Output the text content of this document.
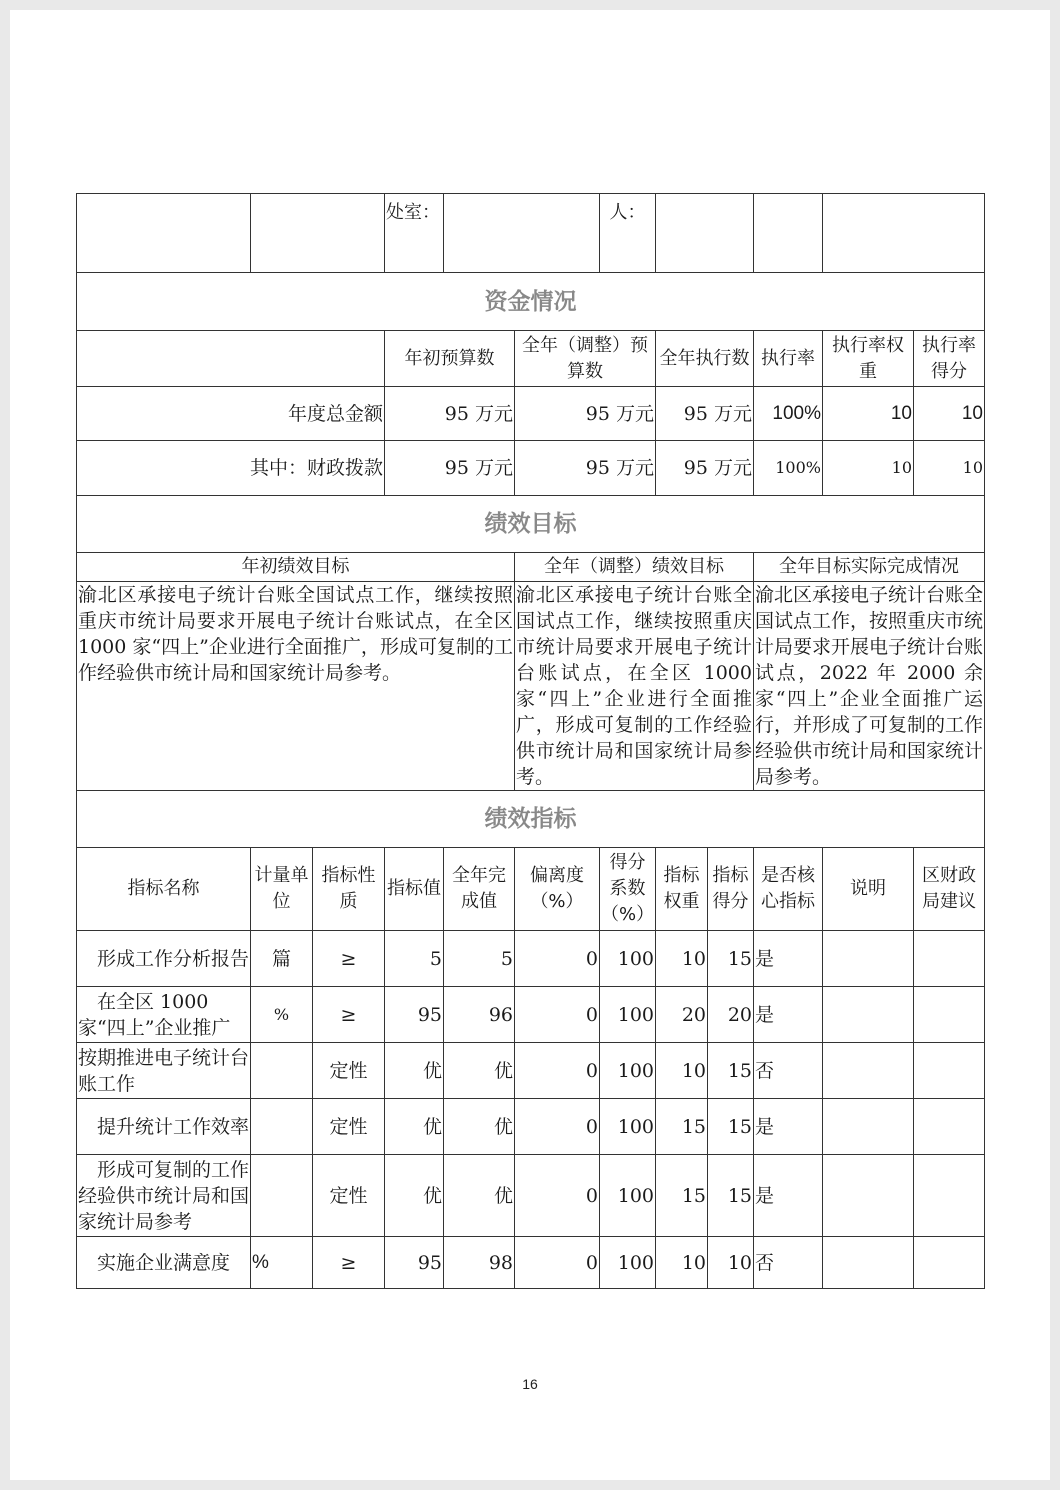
			处室：			人：					
资金情况											
			年初预算数		全年（调整）预算数		全年执行数		执行率	执行率权重	执行率得分
年度总金额			95 万元		95 万元		95 万元		100%	10	10
其中：财政拨款			95 万元		95 万元		95 万元		100%	10	10
绩效目标											
年初绩效目标					全年（调整）绩效目标				全年目标实际完成情况		
渝北区承接电子统计台账全国试点工作，继续按照重庆市统计局要求开展电子统计台账试点，在全区 1000 家“四上”企业进行全面推广，形成可复制的工作经验供市统计局和国家统计局参考。					渝北区承接电子统计台账全国试点工作，继续按照重庆市统计局要求开展电子统计台账试点，在全区 1000 家“四上”企业进行全面推广，形成可复制的工作经验供市统计局和国家统计局参考。				渝北区承接电子统计台账全国试点工作，按照重庆市统计局要求开展电子统计台账试点，2022 年 2000 余家“四上”企业全面推广运行，并形成了可复制的工作经验供市统计局和国家统计局参考。		
绩效指标											
指标名称	计量单位	指标性质	指标值	全年完成值	偏离度（%）	得分系数（%）	指标权重	指标得分	是否核心指标	说明	区财政局建议
形成工作分析报告	篇	≥	5	5	0	100	10	15	是		
在全区 1000 家“四上”企业推广	%	≥	95	96	0	100	20	20	是		
按期推进电子统计台账工作		定性	优	优	0	100	10	15	否		
提升统计工作效率		定性	优	优	0	100	15	15	是		
形成可复制的工作经验供市统计局和国家统计局参考		定性	优	优	0	100	15	15	是		
实施企业满意度	%	≥	95	98	0	100	10	10	否		
16
